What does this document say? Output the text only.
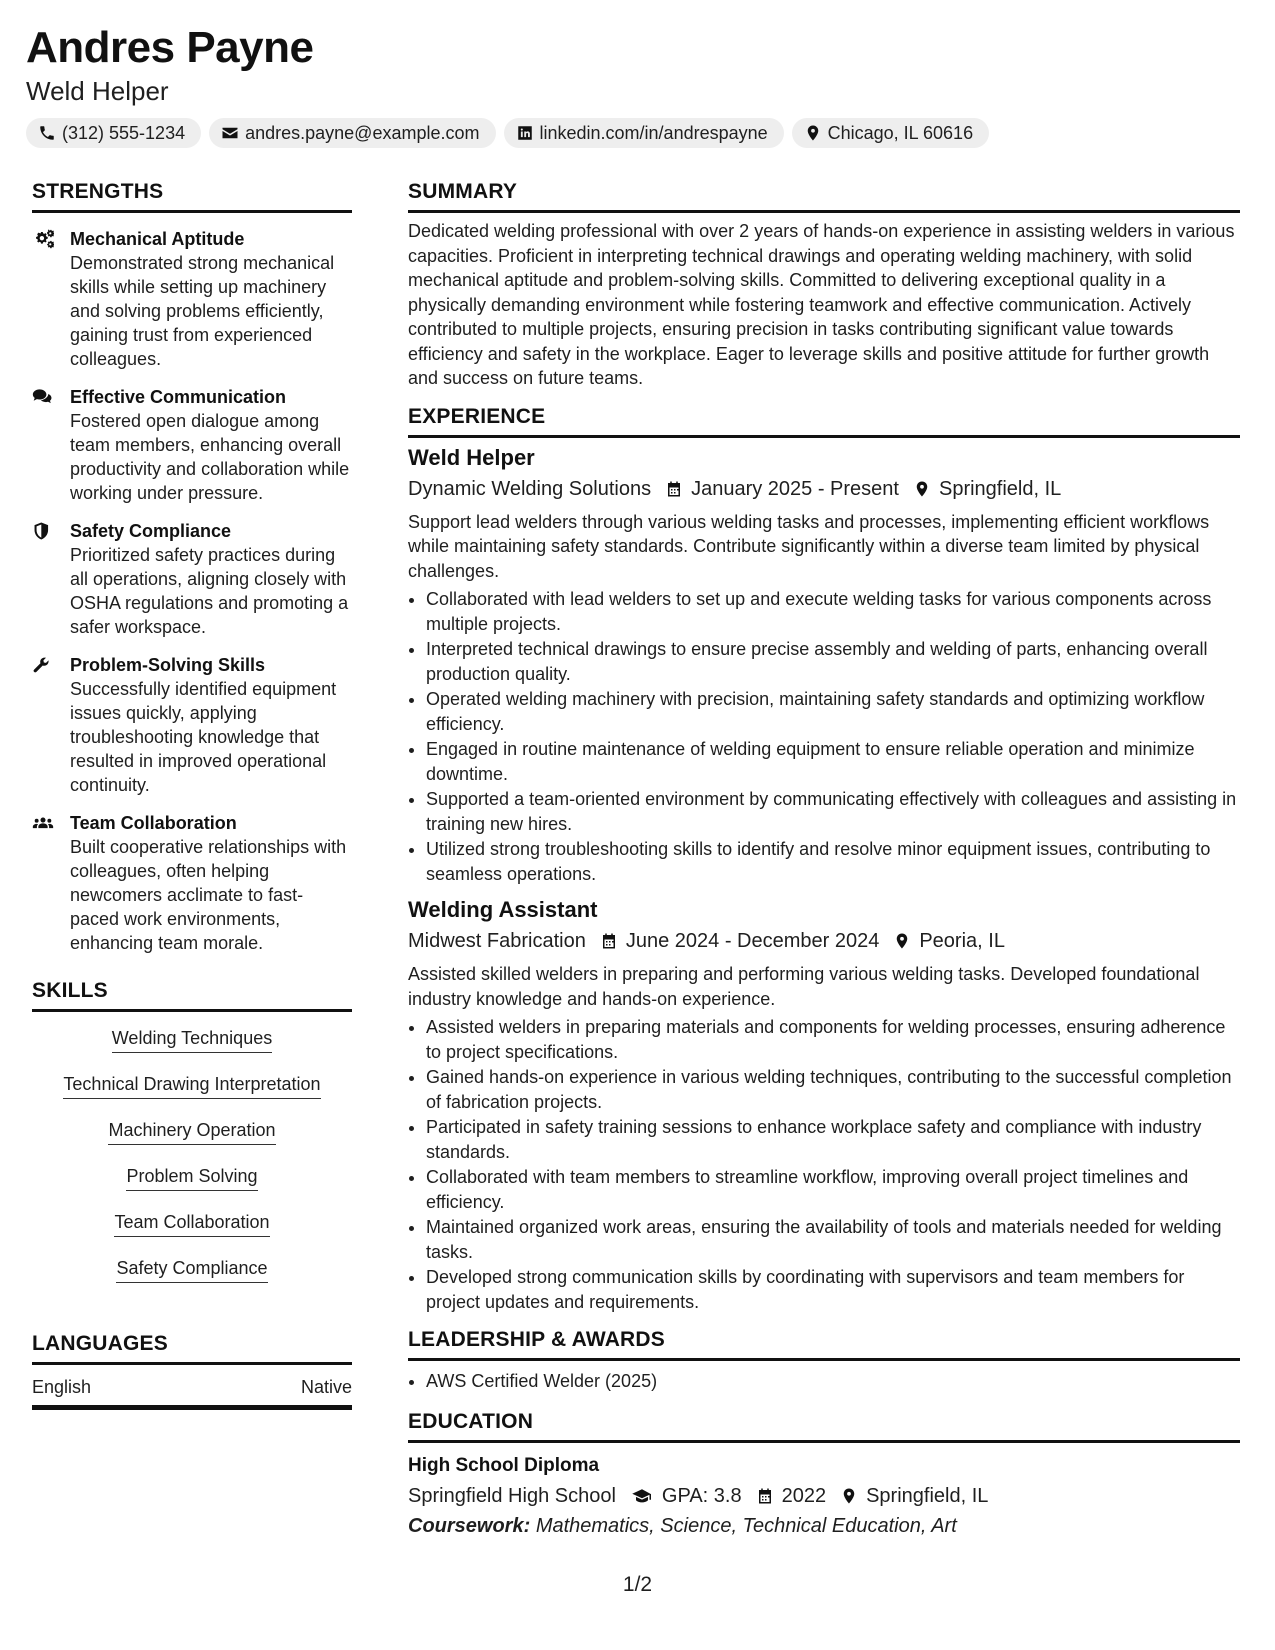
Andres Payne
Weld Helper
(312) 555-1234	andres.payne@example.com	linkedin.com/in/andrespayne	Chicago, IL 60616
STRENGTHS
Mechanical Aptitude
Demonstrated strong mechanical skills while setting up machinery and solving problems efficiently, gaining trust from experienced colleagues.
Effective Communication
Fostered open dialogue among team members, enhancing overall productivity and collaboration while working under pressure.
Safety Compliance
Prioritized safety practices during all operations, aligning closely with OSHA regulations and promoting a safer workspace.
Problem-Solving Skills
Successfully identified equipment issues quickly, applying troubleshooting knowledge that resulted in improved operational continuity.
Team Collaboration
Built cooperative relationships with colleagues, often helping newcomers acclimate to fast-paced work environments, enhancing team morale.
SKILLS
Welding Techniques
Technical Drawing Interpretation
Machinery Operation
Problem Solving
Team Collaboration
Safety Compliance
LANGUAGES
English	Native
SUMMARY
Dedicated welding professional with over 2 years of hands-on experience in assisting welders in various capacities. Proficient in interpreting technical drawings and operating welding machinery, with solid mechanical aptitude and problem-solving skills. Committed to delivering exceptional quality in a physically demanding environment while fostering teamwork and effective communication. Actively contributed to multiple projects, ensuring precision in tasks contributing significant value towards efficiency and safety in the workplace. Eager to leverage skills and positive attitude for further growth and success on future teams.
EXPERIENCE
Weld Helper
Dynamic Welding Solutions January 2025 - Present Springfield, IL
Support lead welders through various welding tasks and processes, implementing efficient workflows while maintaining safety standards. Contribute significantly within a diverse team limited by physical challenges.
• Collaborated with lead welders to set up and execute welding tasks for various components across multiple projects.
• Interpreted technical drawings to ensure precise assembly and welding of parts, enhancing overall production quality.
• Operated welding machinery with precision, maintaining safety standards and optimizing workflow efficiency.
• Engaged in routine maintenance of welding equipment to ensure reliable operation and minimize downtime.
• Supported a team-oriented environment by communicating effectively with colleagues and assisting in training new hires.
• Utilized strong troubleshooting skills to identify and resolve minor equipment issues, contributing to seamless operations.
Welding Assistant
Midwest Fabrication June 2024 - December 2024 Peoria, IL
Assisted skilled welders in preparing and performing various welding tasks. Developed foundational industry knowledge and hands-on experience.
• Assisted welders in preparing materials and components for welding processes, ensuring adherence to project specifications.
• Gained hands-on experience in various welding techniques, contributing to the successful completion of fabrication projects.
• Participated in safety training sessions to enhance workplace safety and compliance with industry standards.
• Collaborated with team members to streamline workflow, improving overall project timelines and efficiency.
• Maintained organized work areas, ensuring the availability of tools and materials needed for welding tasks.
• Developed strong communication skills by coordinating with supervisors and team members for project updates and requirements.
LEADERSHIP & AWARDS
• AWS Certified Welder (2025)
EDUCATION
High School Diploma
Springfield High School GPA: 3.8 2022 Springfield, IL
Coursework: Mathematics, Science, Technical Education, Art
1/2
